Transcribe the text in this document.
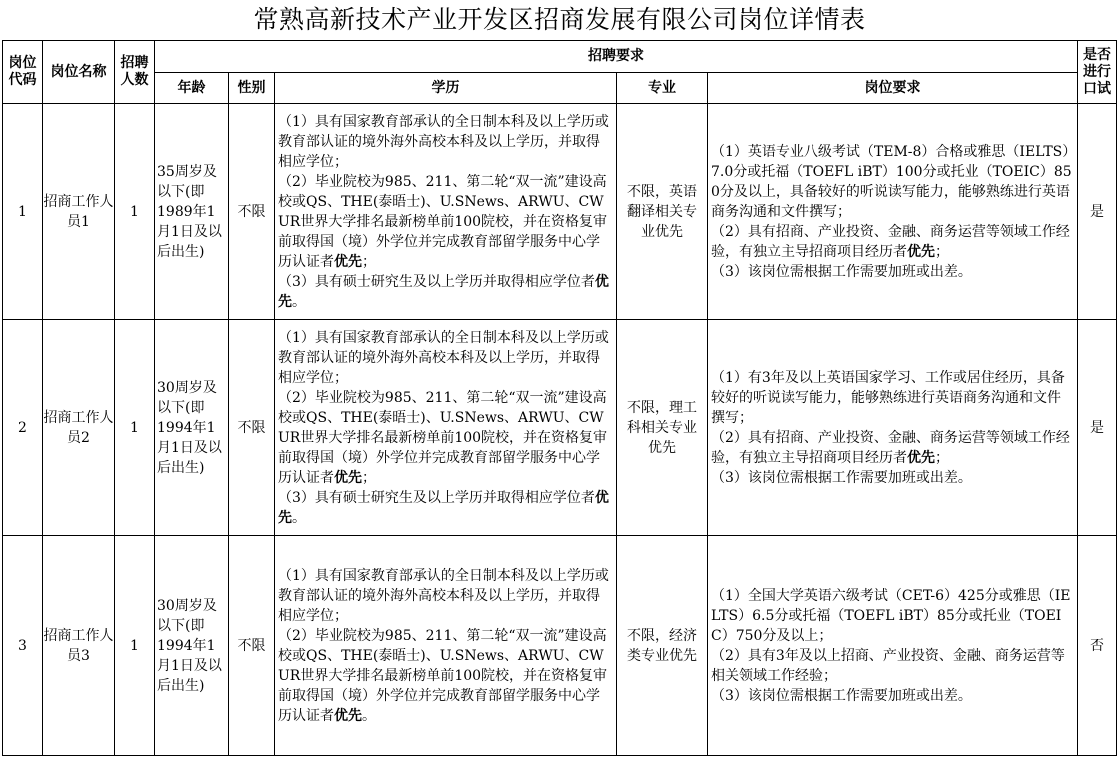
常熟高新技术产业开发区招商发展有限公司岗位详情表
岗位代码	岗位名称	招聘人数	招聘要求					是否进行口试
			年龄	性别	学历	专业	岗位要求	
1	招商工作人员1	1	35周岁及以下(即1989年1月1日及以后出生)	不限	（1）具有国家教育部承认的全日制本科及以上学历或教育部认证的境外海外高校本科及以上学历，并取得相应学位；
（2）毕业院校为985、211、第二轮“双一流”建设高校或QS、THE(泰晤士)、U.SNews、ARWU、CWUR世界大学排名最新榜单前100院校，并在资格复审前取得国（境）外学位并完成教育部留学服务中心学历认证者优先；
（3）具有硕士研究生及以上学历并取得相应学位者优先。	不限，英语翻译相关专业优先	（1）英语专业八级考试（TEM-8）合格或雅思（IELTS）7.0分或托福（TOEFL iBT）100分或托业（TOEIC）850分及以上，具备较好的听说读写能力，能够熟练进行英语商务沟通和文件撰写；
（2）具有招商、产业投资、金融、商务运营等领域工作经验，有独立主导招商项目经历者优先；
（3）该岗位需根据工作需要加班或出差。	是
2	招商工作人员2	1	30周岁及以下(即1994年1月1日及以后出生)	不限	（1）具有国家教育部承认的全日制本科及以上学历或教育部认证的境外海外高校本科及以上学历，并取得相应学位；
（2）毕业院校为985、211、第二轮“双一流”建设高校或QS、THE(泰晤士)、U.SNews、ARWU、CWUR世界大学排名最新榜单前100院校，并在资格复审前取得国（境）外学位并完成教育部留学服务中心学历认证者优先；
（3）具有硕士研究生及以上学历并取得相应学位者优先。	不限，理工科相关专业优先	（1）有3年及以上英语国家学习、工作或居住经历，具备较好的听说读写能力，能够熟练进行英语商务沟通和文件撰写；
（2）具有招商、产业投资、金融、商务运营等领域工作经验，有独立主导招商项目经历者优先；
（3）该岗位需根据工作需要加班或出差。	是
3	招商工作人员3	1	30周岁及以下(即1994年1月1日及以后出生)	不限	（1）具有国家教育部承认的全日制本科及以上学历或教育部认证的境外海外高校本科及以上学历，并取得相应学位；
（2）毕业院校为985、211、第二轮“双一流”建设高校或QS、THE(泰晤士)、U.SNews、ARWU、CWUR世界大学排名最新榜单前100院校，并在资格复审前取得国（境）外学位并完成教育部留学服务中心学历认证者优先。	不限，经济类专业优先	（1）全国大学英语六级考试（CET-6）425分或雅思（IELTS）6.5分或托福（TOEFL iBT）85分或托业（TOEIC）750分及以上；
（2）具有3年及以上招商、产业投资、金融、商务运营等相关领域工作经验；
（3）该岗位需根据工作需要加班或出差。	否
